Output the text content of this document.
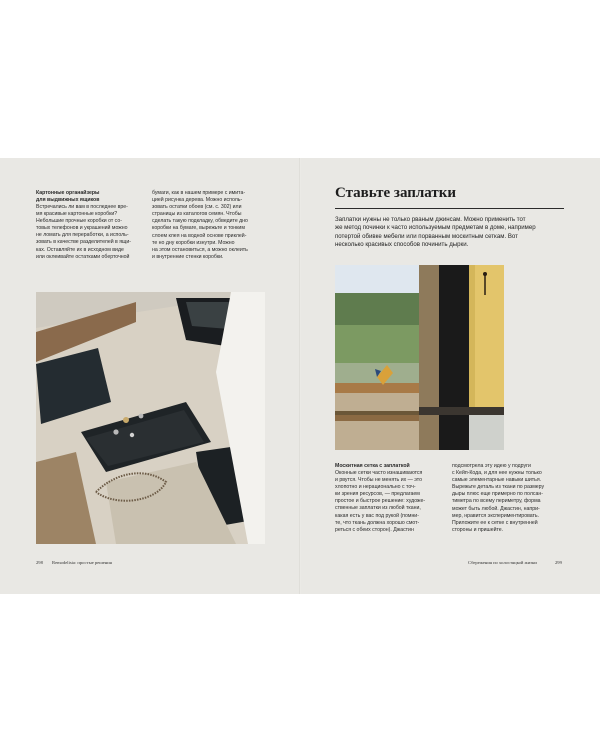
Картонные органайзеры
для выдвижных ящиков
Встречались ли вам в последнее вре-
мя красивые картонные коробки?
Небольшие прочные коробки от со-
товых телефонов и украшений можно
не ломать для переработки, а исполь-
зовать в качестве разделителей в ящи-
ках. Оставляйте их в исходном виде
или оклеивайте остатками оберточной
бумаги, как в нашем примере с имита-
цией рисунка дерева. Можно исполь-
зовать остатки обоев (см. с. 302) или
страницы из каталогов семян. Чтобы
сделать такую подкладку, обведите дно
коробки на бумаге, вырежьте и тонким
слоем клея на водной основе приклей-
те но дну коробки изнутри. Можно
на этом остановиться, а можно оклеить
и внутренние стенки коробки.
298 Remodelista: простые решения
Ставьте заплатки
Заплатки нужны не только рваным джинсам. Можно применить тот
же метод починки к часто используемым предметам в доме, например
потертой обивке мебели или порванным москитным сеткам. Вот
несколько красивых способов починить дырки.
Москитная сетка с заплаткой
Оконные сетки часто изнашиваются
и рвутся. Чтобы не менять их — это
хлопотно и нерационально с точ-
ки зрения ресурсов, — предлагаем
простое и быстрое решение: художе-
ственные заплатки из любой ткани,
какая есть у вас под рукой (помни-
те, что ткань должна хорошо смот-
реться с обеих сторон). Джастин
подсмотрела эту идею у подруги
с Кейп-Кода, и для нее нужны только
самые элементарные навыки шитья.
Вырежьте деталь из ткани по размеру
дыры плюс еще примерно по полсан-
тиметра по всему периметру, форма
может быть любой. Джастин, напри-
мер, нравится экспериментировать.
Приложите ее к сетке с внутренней
стороны и пришейте.
Сбережения по холостяцкой жизни	299
